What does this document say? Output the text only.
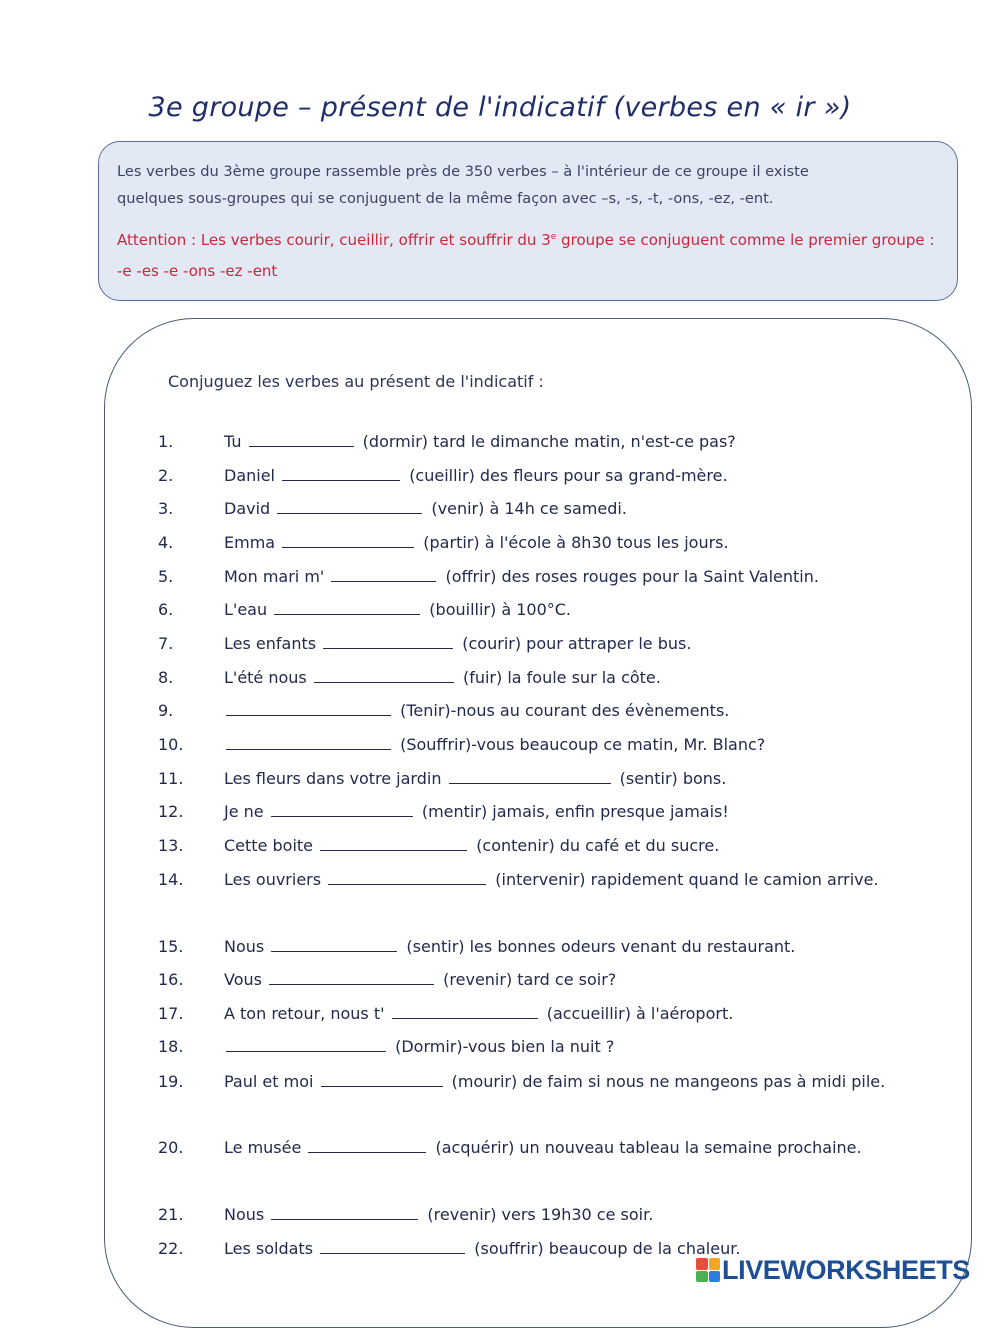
3e groupe – présent de l'indicatif (verbes en « ir »)
Les verbes du 3ème groupe rassemble près de 350 verbes – à l'intérieur de ce groupe il existe
quelques sous-groupes qui se conjuguent de la même façon avec –s, -s, -t, -ons, -ez, -ent.
Attention : Les verbes courir, cueillir, offrir et souffrir du 3e groupe se conjuguent comme le premier groupe : -e -es -e -ons -ez -ent
Conjuguez les verbes au présent de l'indicatif :
1.	Tu	(dormir) tard le dimanche matin, n'est-ce pas?
2.	Daniel	(cueillir) des fleurs pour sa grand-mère.
3.	David	(venir) à 14h ce samedi.
4.	Emma	(partir) à l'école à 8h30 tous les jours.
5.	Mon mari m'	(offrir) des roses rouges pour la Saint Valentin.
6.	L'eau	(bouillir) à 100°C.
7.	Les enfants	(courir) pour attraper le bus.
8.	L'été nous	(fuir) la foule sur la côte.
9.	(Tenir)-nous au courant des évènements.
10.	(Souffrir)-vous beaucoup ce matin, Mr. Blanc?
11.	Les fleurs dans votre jardin	(sentir) bons.
12.	Je ne	(mentir) jamais, enfin presque jamais!
13.	Cette boite	(contenir) du café et du sucre.
14.	Les ouvriers	(intervenir) rapidement quand le camion arrive.
15.	Nous	(sentir) les bonnes odeurs venant du restaurant.
16.	Vous	(revenir) tard ce soir?
17.	A ton retour, nous t'	(accueillir) à l'aéroport.
18.	(Dormir)-vous bien la nuit ?
19.	Paul et moi	(mourir) de faim si nous ne mangeons pas à midi pile.
20.	Le musée	(acquérir) un nouveau tableau la semaine prochaine.
21.	Nous	(revenir) vers 19h30 ce soir.
22.	Les soldats	(souffrir) beaucoup de la chaleur.
LIVEWORKSHEETS
